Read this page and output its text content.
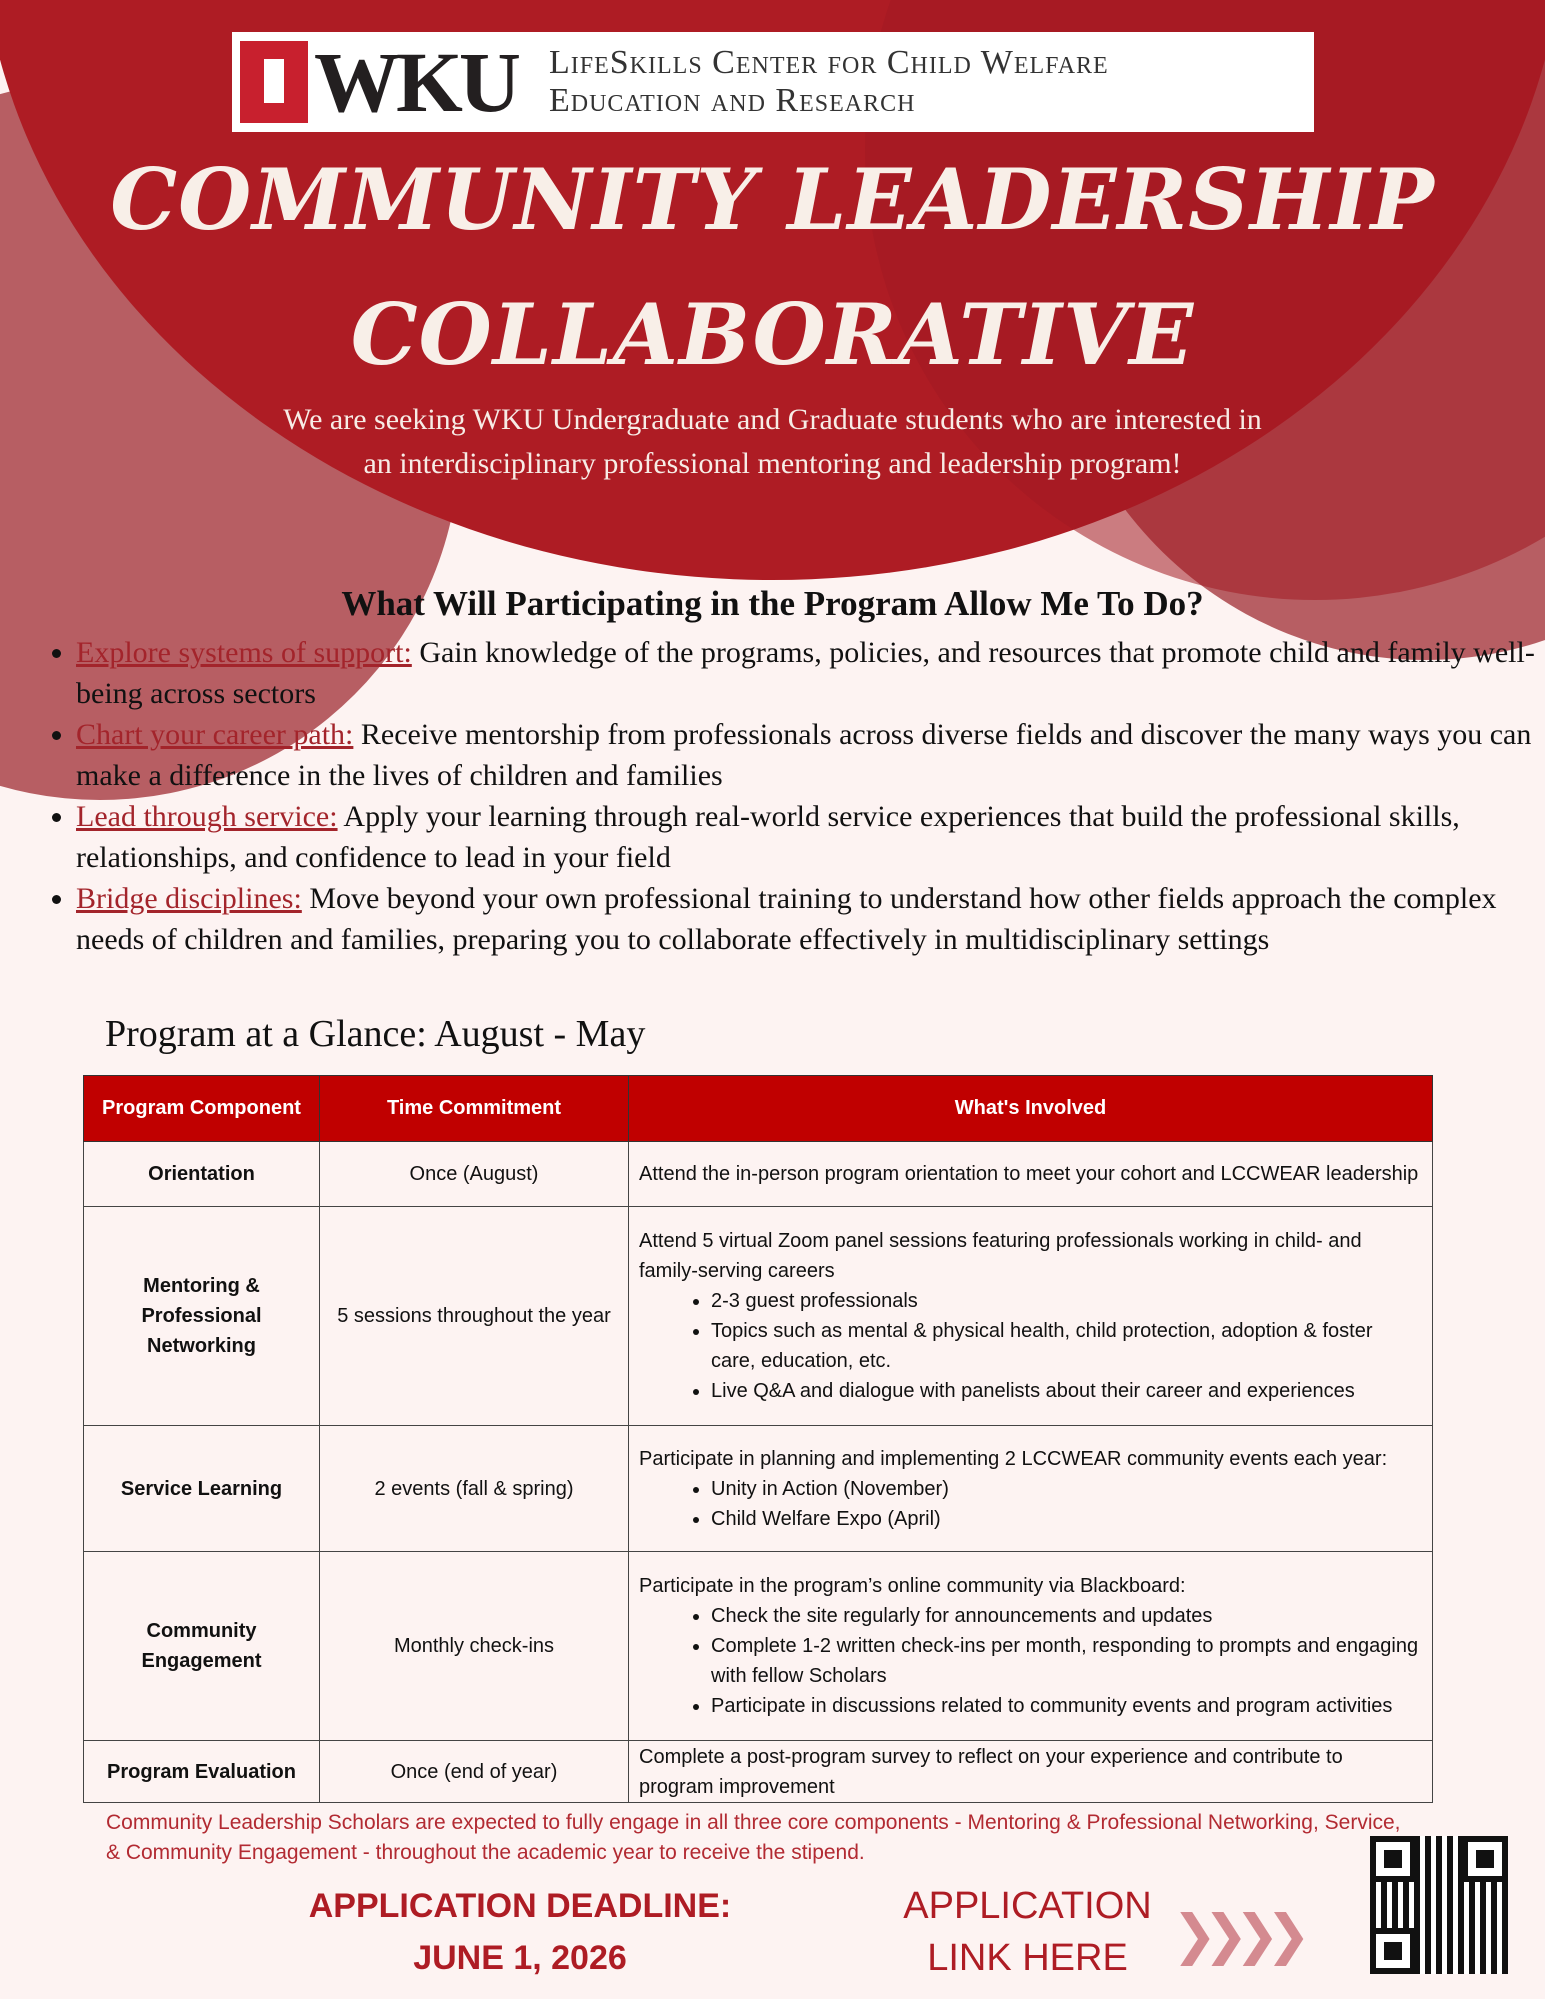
WKU LifeSkills Center for Child Welfare
Education and Research
COMMUNITY LEADERSHIP
COLLABORATIVE
We are seeking WKU Undergraduate and Graduate students who are interested in
an interdisciplinary professional mentoring and leadership program!
What Will Participating in the Program Allow Me To Do?
• Explore systems of support: Gain knowledge of the programs, policies, and resources that promote child and family well-being across sectors
• Chart your career path: Receive mentorship from professionals across diverse fields and discover the many ways you can make a difference in the lives of children and families
• Lead through service: Apply your learning through real-world service experiences that build the professional skills, relationships, and confidence to lead in your field
• Bridge disciplines: Move beyond your own professional training to understand how other fields approach the complex needs of children and families, preparing you to collaborate effectively in multidisciplinary settings
Program at a Glance: August - May
Program Component	Time Commitment	What's Involved
Orientation	Once (August)	Attend the in-person program orientation to meet your cohort and LCCWEAR leadership

Mentoring & Professional Networking	5 sessions throughout the year	
Attend 5 virtual Zoom panel sessions featuring professionals working in child- and family-serving careers
• 2-3 guest professionals
• Topics such as mental & physical health, child protection, adoption & foster care, education, etc.
• Live Q&A and dialogue with panelists about their career and experiences

Service Learning	2 events (fall & spring)	
Participate in planning and implementing 2 LCCWEAR community events each year:
• Unity in Action (November)
• Child Welfare Expo (April)

Community Engagement	Monthly check-ins	
Participate in the program’s online community via Blackboard:
• Check the site regularly for announcements and updates
• Complete 1-2 written check-ins per month, responding to prompts and engaging with fellow Scholars
• Participate in discussions related to community events and program activities

Program Evaluation	Once (end of year)	Complete a post-program survey to reflect on your experience and contribute to program improvement
Community Leadership Scholars are expected to fully engage in all three core components - Mentoring & Professional Networking, Service, & Community Engagement - throughout the academic year to receive the stipend.
APPLICATION DEADLINE:
JUNE 1, 2026
APPLICATION
LINK HERE ❯❯❯❯
